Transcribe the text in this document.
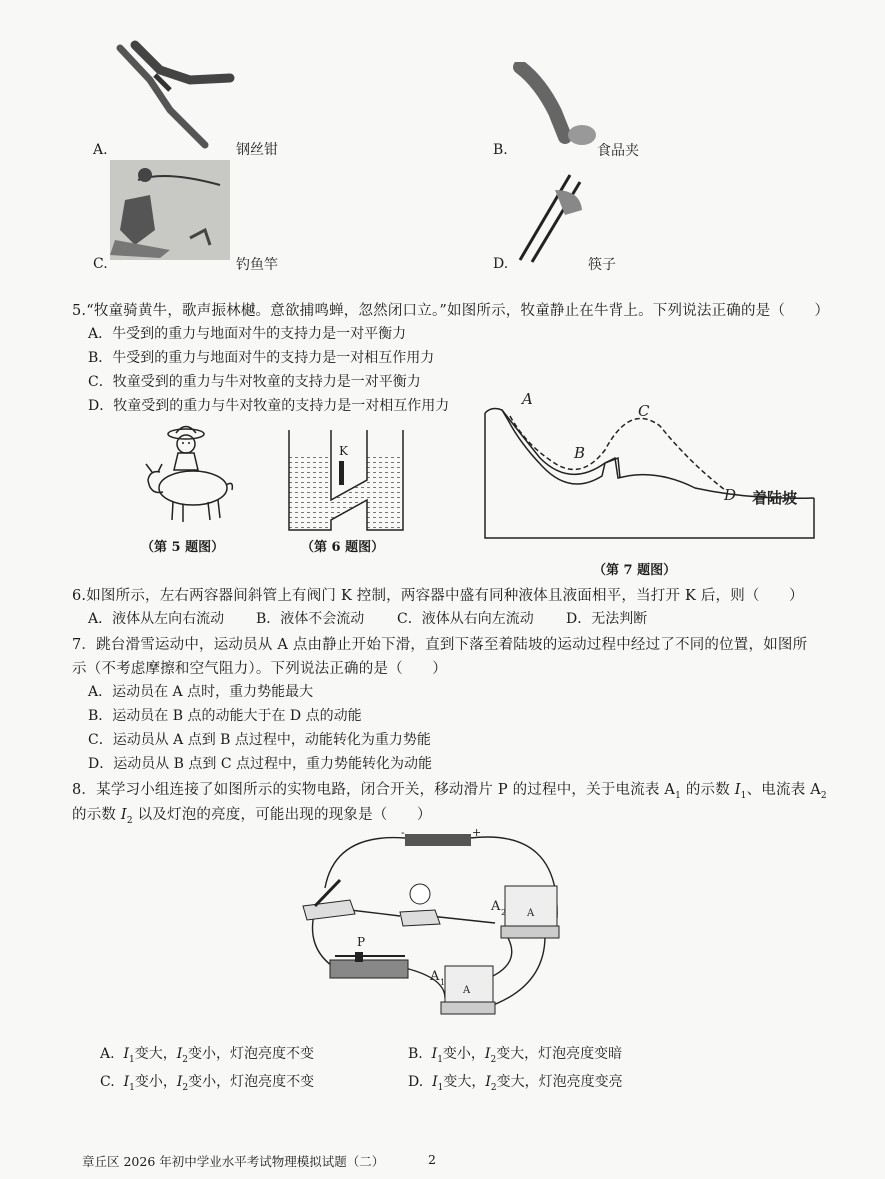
A.	钢丝钳	B.	食品夹
C.	钓鱼竿	D.	筷子
5.“牧童骑黄牛，歌声振林樾。意欲捕鸣蝉，忽然闭口立。”如图所示，牧童静止在牛背上。下列说法正确的是（　　）
A．牛受到的重力与地面对牛的支持力是一对平衡力
B．牛受到的重力与地面对牛的支持力是一对相互作用力
C．牧童受到的重力与牛对牧童的支持力是一对平衡力
D．牧童受到的重力与牛对牧童的支持力是一对相互作用力
（第 5 题图）
K
（第 6 题图）
A
B
C
D 着陆坡
（第 7 题图）
6.如图所示，左右两容器间斜管上有阀门 K 控制，两容器中盛有同种液体且液面相平，当打开 K 后，则（　　）
A．液体从左向右流动 B．液体不会流动 C．液体从右向左流动 D．无法判断
7．跳台滑雪运动中，运动员从 A 点由静止开始下滑，直到下落至着陆坡的运动过程中经过了不同的位置，如图所
示（不考虑摩擦和空气阻力）。下列说法正确的是（　　）
A．运动员在 A 点时，重力势能最大
B．运动员在 B 点的动能大于在 D 点的动能
C．运动员从 A 点到 B 点过程中，动能转化为重力势能
D．运动员从 B 点到 C 点过程中，重力势能转化为动能
8．某学习小组连接了如图所示的实物电路，闭合开关，移动滑片 P 的过程中，关于电流表 $A_1$ 的示数 $I_1$、电流表 $A_2$
的示数 $I_2$ 以及灯泡的亮度，可能出现的现象是（　　）
-	+
A
A 2
P
A
A 1
A. $I_1$变大，$I_2$变小，灯泡亮度不变	B. $I_1$变小，$I_2$变大，灯泡亮度变暗
C. $I_1$变小，$I_2$变小，灯泡亮度不变	D. $I_1$变大，$I_2$变大，灯泡亮度变亮
章丘区 2026 年初中学业水平考试物理模拟试题（二）	2
